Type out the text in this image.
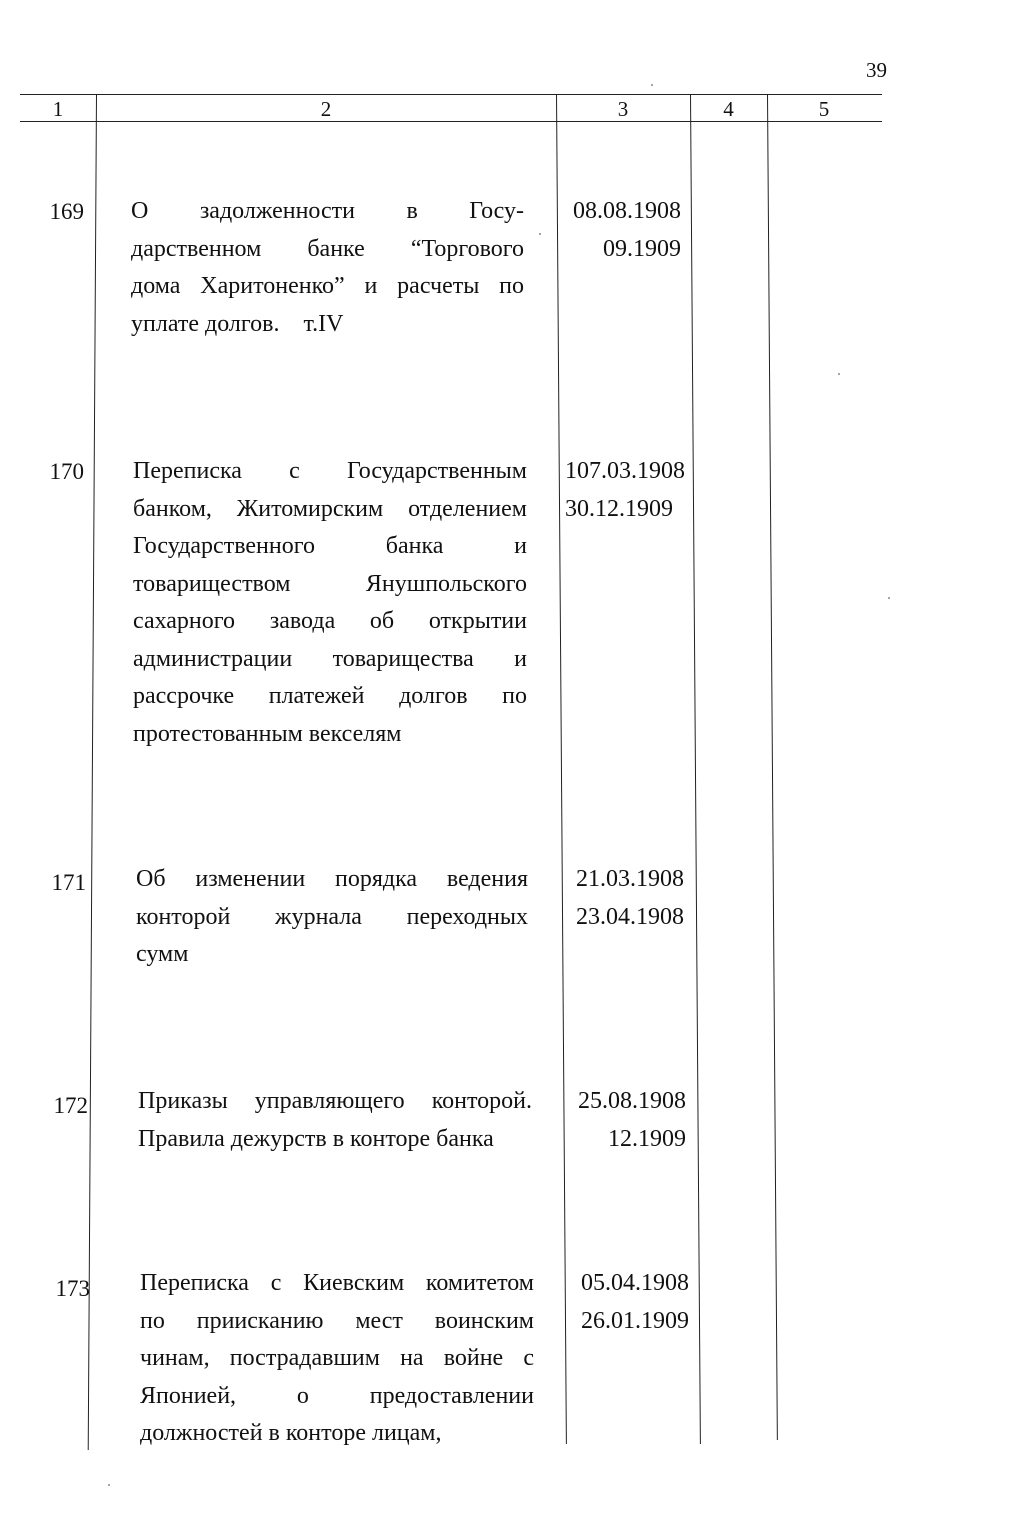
39
1	2	3	4	5
169 О задолженности в Госу-
дарственном банке “Торгового
дома Харитоненко” и расчеты по
уплате долгов.    т.IV
08.08.1908
09.1909
170 Переписка с Государственным
банком, Житомирским отделением
Государственного банка и
товариществом Янушпольского
сахарного завода об открытии
администрации товарищества и
рассрочке платежей долгов по
протестованным векселям
107.03.1908
30.12.1909
171 Об изменении порядка ведения
конторой журнала переходных
сумм
21.03.1908
23.04.1908
172 Приказы управляющего конторой.
Правила дежурств в конторе банка
25.08.1908
12.1909
173 Переписка с Киевским комитетом
по приисканию мест воинским
чинам, пострадавшим на войне с
Японией, о предоставлении
должностей в конторе лицам,
05.04.1908
26.01.1909
